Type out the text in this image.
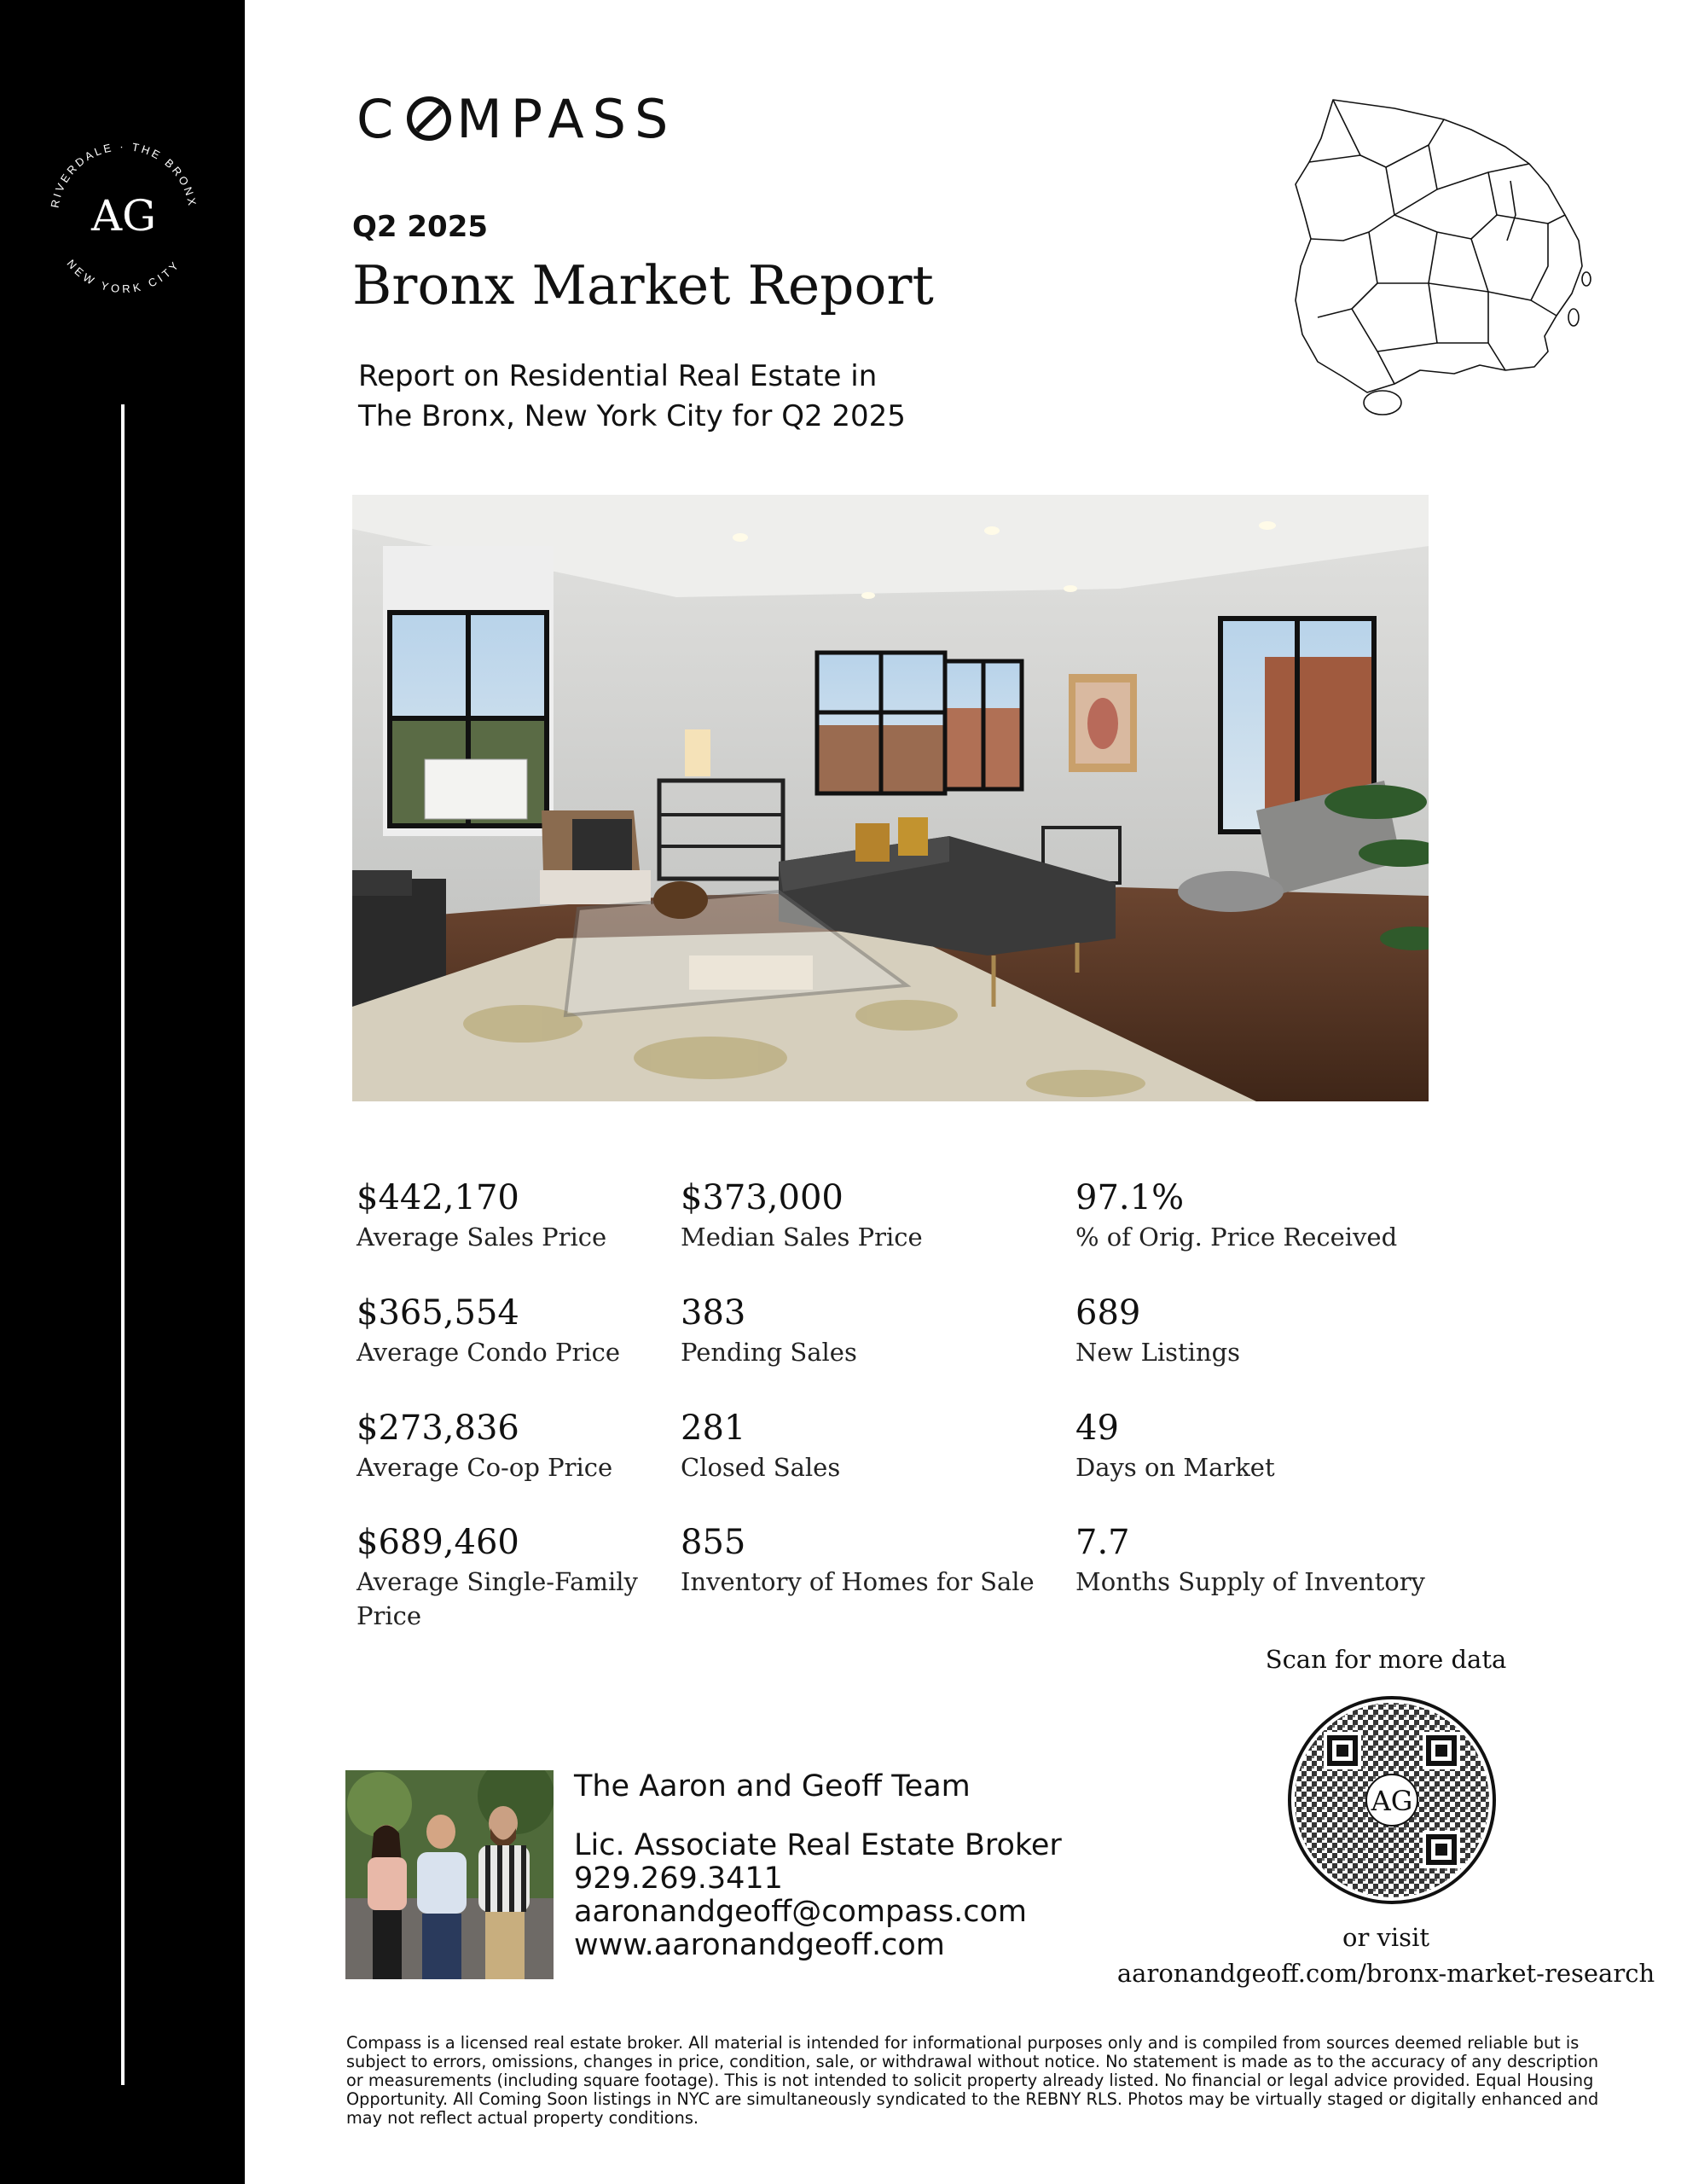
RIVERDALE · THE BRONX
NEW YORK CITY
AG
C MPASS
Q2 2025
Bronx Market Report
Report on Residential Real Estate in
The Bronx, New York City for Q2 2025
$442,170
Average Sales Price
$373,000
Median Sales Price
97.1%
% of Orig. Price Received
$365,554
Average Condo Price
383
Pending Sales
689
New Listings
$273,836
Average Co-op Price
281
Closed Sales
49
Days on Market
$689,460
Average Single-Family Price
855
Inventory of Homes for Sale
7.7
Months Supply of Inventory
The Aaron and Geoff Team
Lic. Associate Real Estate Broker
929.269.3411
aaronandgeoff@compass.com
www.aaronandgeoff.com
Scan for more data
AG
or visit
aaronandgeoff.com/bronx-market-research
Compass is a licensed real estate broker. All material is intended for informational purposes only and is compiled from sources deemed reliable but is subject to errors, omissions, changes in price, condition, sale, or withdrawal without notice. No statement is made as to the accuracy of any description or measurements (including square footage). This is not intended to solicit property already listed. No financial or legal advice provided. Equal Housing Opportunity. All Coming Soon listings in NYC are simultaneously syndicated to the REBNY RLS. Photos may be virtually staged or digitally enhanced and may not reflect actual property conditions.
